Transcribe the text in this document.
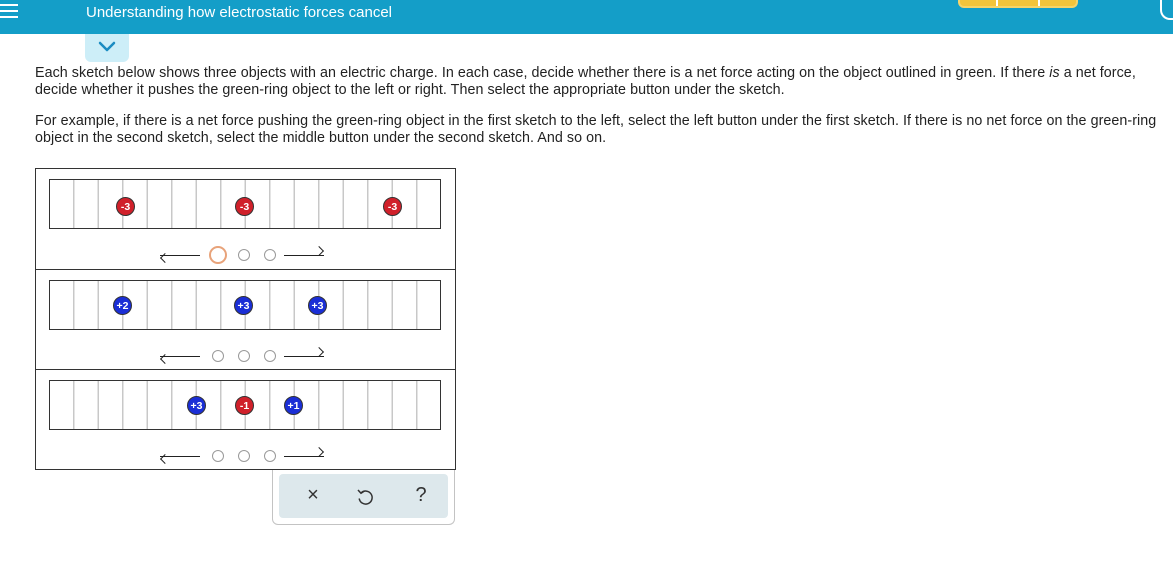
Understanding how electrostatic forces cancel

Each sketch below shows three objects with an electric charge. In each case, decide whether there is a net force acting on the object outlined in green. If there is a net force, decide whether it pushes the green-ring object to the left or right. Then select the appropriate button under the sketch.

For example, if there is a net force pushing the green-ring object in the first sketch to the left, select the left button under the first sketch. If there is no net force on the green-ring object in the second sketch, select the middle button under the second sketch. And so on.

-3	-3	-3
+2	+3	+3
+3	-1	+1
×	?
